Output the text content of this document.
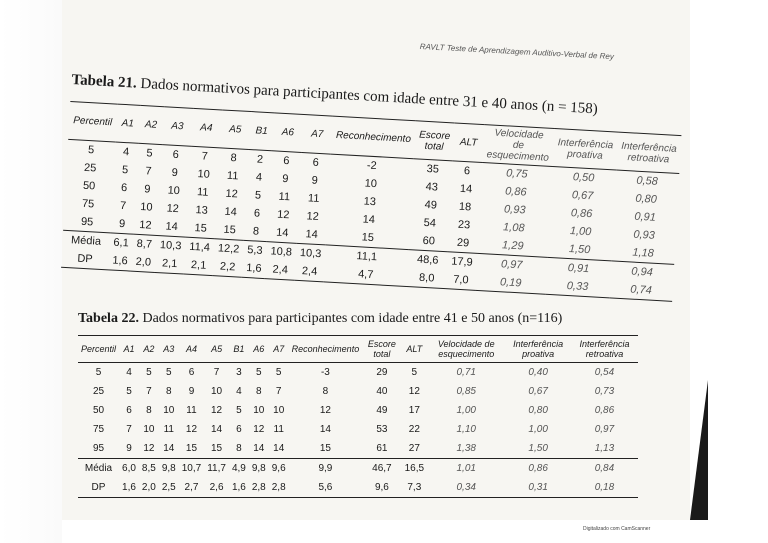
RAVLT Teste de Aprendizagem Auditivo-Verbal de Rey
Tabela 21. Dados normativos para participantes com idade entre 31 e 40 anos (n = 158)
Percentil	A1	A2	A3	A4	A5	B1	A6	A7	Reconhecimento	Escore total	ALT	Velocidade de esquecimento	Interferência proativa	Interferência retroativa
5	4	5	6	7	8	2	6	6	-2	35	6	0,75	0,50	0,58
25	5	7	9	10	11	4	9	9	10	43	14	0,86	0,67	0,80
50	6	9	10	11	12	5	11	11	13	49	18	0,93	0,86	0,91
75	7	10	12	13	14	6	12	12	14	54	23	1,08	1,00	0,93
95	9	12	14	15	15	8	14	14	15	60	29	1,29	1,50	1,18
Média	6,1	8,7	10,3	11,4	12,2	5,3	10,8	10,3	11,1	48,6	17,9	0,97	0,91	0,94
DP	1,6	2,0	2,1	2,1	2,2	1,6	2,4	2,4	4,7	8,0	7,0	0,19	0,33	0,74
Tabela 22. Dados normativos para participantes com idade entre 41 e 50 anos (n=116)
Percentil	A1	A2	A3	A4	A5	B1	A6	A7	Reconhecimento	Escore total	ALT	Velocidade de esquecimento	Interferência proativa	Interferência retroativa
5	4	5	5	6	7	3	5	5	-3	29	5	0,71	0,40	0,54
25	5	7	8	9	10	4	8	7	8	40	12	0,85	0,67	0,73
50	6	8	10	11	12	5	10	10	12	49	17	1,00	0,80	0,86
75	7	10	11	12	14	6	12	11	14	53	22	1,10	1,00	0,97
95	9	12	14	15	15	8	14	14	15	61	27	1,38	1,50	1,13
Média	6,0	8,5	9,8	10,7	11,7	4,9	9,8	9,6	9,9	46,7	16,5	1,01	0,86	0,84
DP	1,6	2,0	2,5	2,7	2,6	1,6	2,8	2,8	5,6	9,6	7,3	0,34	0,31	0,18
Digitalizado com CamScanner
